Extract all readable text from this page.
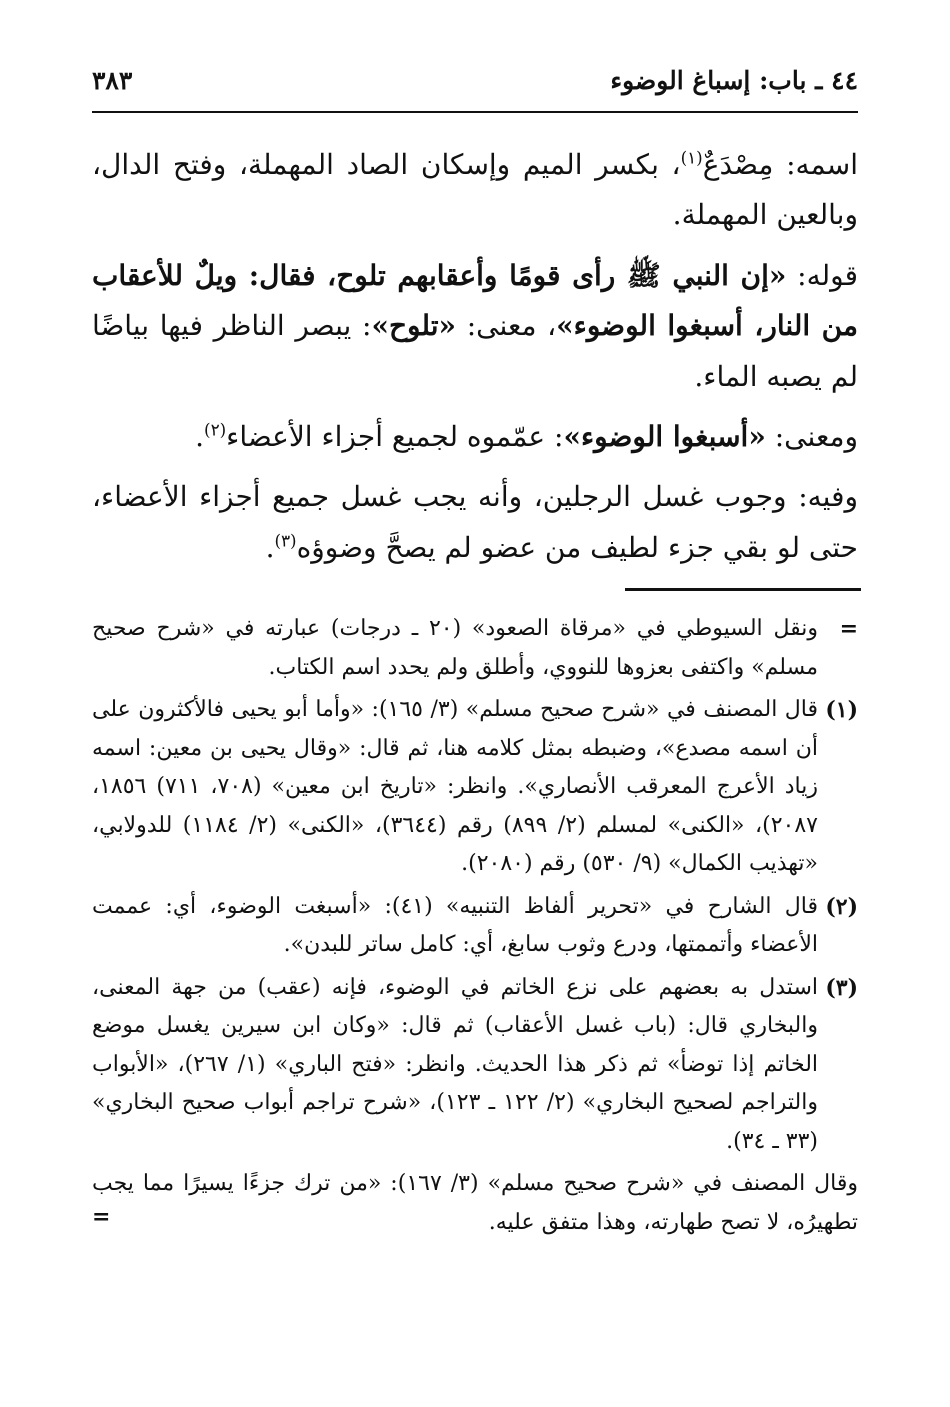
٤٤ ـ باب: إسباغ الوضوء
٣٨٣

اسمه: مِصْدَعٌ$^{(١)}$، بكسر الميم وإسكان الصاد المهملة، وفتح الدال، وبالعين المهملة.

قوله: «إن النبي ﷺ رأى قومًا وأعقابهم تلوح، فقال: ويلٌ للأعقاب من النار، أسبغوا الوضوء»، معنى: «تلوح»: يبصر الناظر فيها بياضًا لم يصبه الماء.

ومعنى: «أسبغوا الوضوء»: عمّموه لجميع أجزاء الأعضاء$^{(٢)}$.

وفيه: وجوب غسل الرجلين، وأنه يجب غسل جميع أجزاء الأعضاء، حتى لو بقي جزء لطيف من عضو لم يصحَّ وضوؤه$^{(٣)}$.

=
ونقل السيوطي في «مرقاة الصعود» (٢٠ ـ درجات) عبارته في «شرح صحيح مسلم» واكتفى بعزوها للنووي، وأطلق ولم يحدد اسم الكتاب.
(١)
قال المصنف في «شرح صحيح مسلم» (٣/ ١٦٥): «وأما أبو يحيى فالأكثرون على أن اسمه مصدع»، وضبطه بمثل كلامه هنا، ثم قال: «وقال يحيى بن معين: اسمه زياد الأعرج المعرقب الأنصاري». وانظر: «تاريخ ابن معين» (٧٠٨، ٧١١) ١٨٥٦، ٢٠٨٧)، «الكنى» لمسلم (٢/ ٨٩٩) رقم (٣٦٤٤)، «الكنى» (٢/ ١١٨٤) للدولابي، «تهذيب الكمال» (٩/ ٥٣٠) رقم (٢٠٨٠).
(٢)
قال الشارح في «تحرير ألفاظ التنبيه» (٤١): «أسبغت الوضوء، أي: عممت الأعضاء وأتممتها، ودرع وثوب سابغ، أي: كامل ساتر للبدن».
(٣)
استدل به بعضهم على نزع الخاتم في الوضوء، فإنه (عقب) من جهة المعنى، والبخاري قال: (باب غسل الأعقاب) ثم قال: «وكان ابن سيرين يغسل موضع الخاتم إذا توضأ» ثم ذكر هذا الحديث. وانظر: «فتح الباري» (١/ ٢٦٧)، «الأبواب والتراجم لصحيح البخاري» (٢/ ١٢٢ ـ ١٢٣)، «شرح تراجم أبواب صحيح البخاري» (٣٣ ـ ٣٤).
وقال المصنف في «شرح صحيح مسلم» (٣/ ١٦٧): «من ترك جزءًا يسيرًا مما يجب تطهيرُه، لا تصح طهارته، وهذا متفق عليه.
=
